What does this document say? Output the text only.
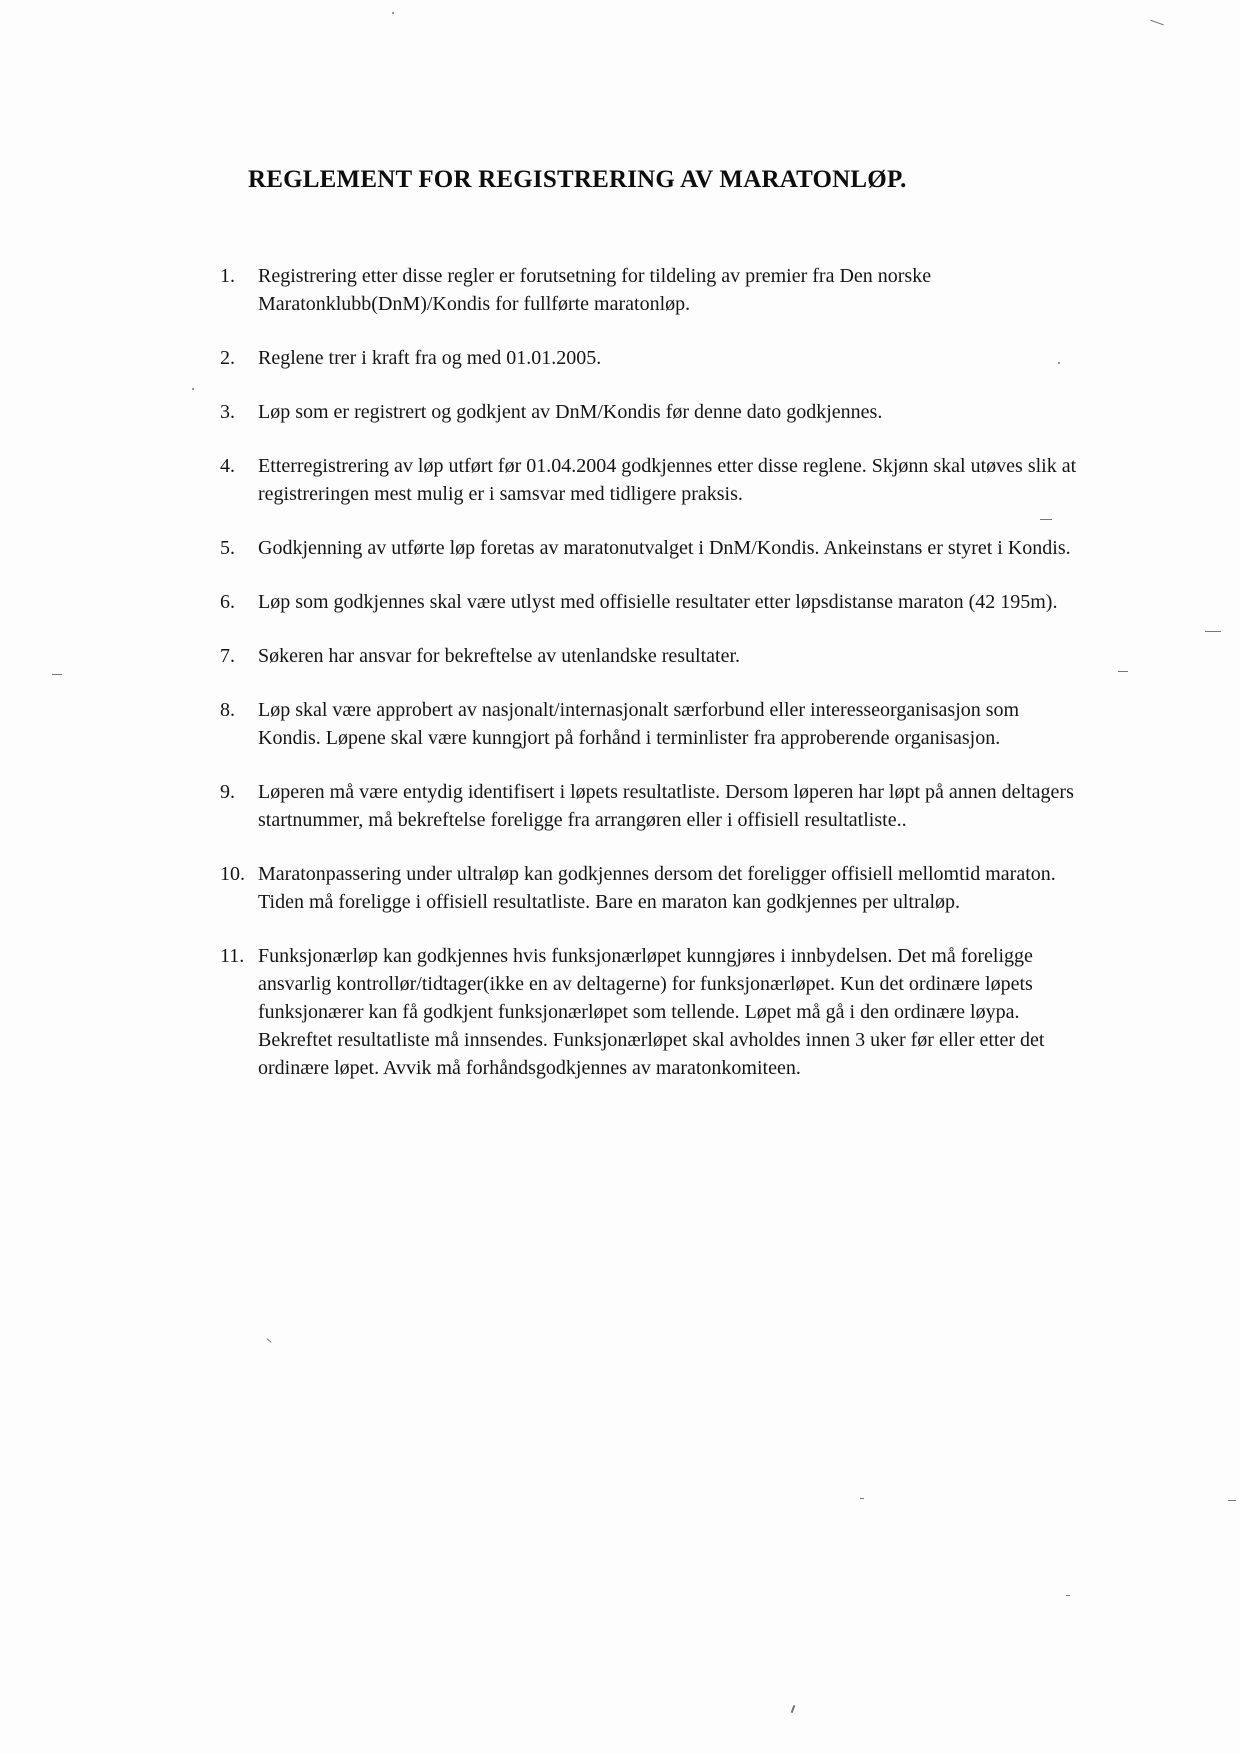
REGLEMENT FOR REGISTRERING AV MARATONLØP.
1.	Registrering etter disse regler er forutsetning for tildeling av premier fra Den norske Maratonklubb(DnM)/Kondis for fullførte maratonløp.
2.	Reglene trer i kraft fra og med 01.01.2005.
3.	Løp som er registrert og godkjent av DnM/Kondis før denne dato godkjennes.
4.	Etterregistrering av løp utført før 01.04.2004 godkjennes etter disse reglene. Skjønn skal utøves slik at registreringen mest mulig er i samsvar med tidligere praksis.
5.	Godkjenning av utførte løp foretas av maratonutvalget i DnM/Kondis. Ankeinstans er styret i Kondis.
6.	Løp som godkjennes skal være utlyst med offisielle resultater etter løpsdistanse maraton (42 195m).
7.	Søkeren har ansvar for bekreftelse av utenlandske resultater.
8.	Løp skal være approbert av nasjonalt/internasjonalt særforbund eller interesseorganisasjon som Kondis. Løpene skal være kunngjort på forhånd i terminlister fra approberende organisasjon.
9.	Løperen må være entydig identifisert i løpets resultatliste. Dersom løperen har løpt på annen deltagers startnummer, må bekreftelse foreligge fra arrangøren eller i offisiell resultatliste..
10. Maratonpassering under ultraløp kan godkjennes dersom det foreligger offisiell mellomtid maraton. Tiden må foreligge i offisiell resultatliste. Bare en maraton kan godkjennes per ultraløp.
11. Funksjonærløp kan godkjennes hvis funksjonærløpet kunngjøres i innbydelsen. Det må foreligge ansvarlig kontrollør/tidtager(ikke en av deltagerne) for funksjonærløpet. Kun det ordinære løpets funksjonærer kan få godkjent funksjonærløpet som tellende. Løpet må gå i den ordinære løypa. Bekreftet resultatliste må innsendes. Funksjonærløpet skal avholdes innen 3 uker før eller etter det ordinære løpet. Avvik må forhåndsgodkjennes av maratonkomiteen.
